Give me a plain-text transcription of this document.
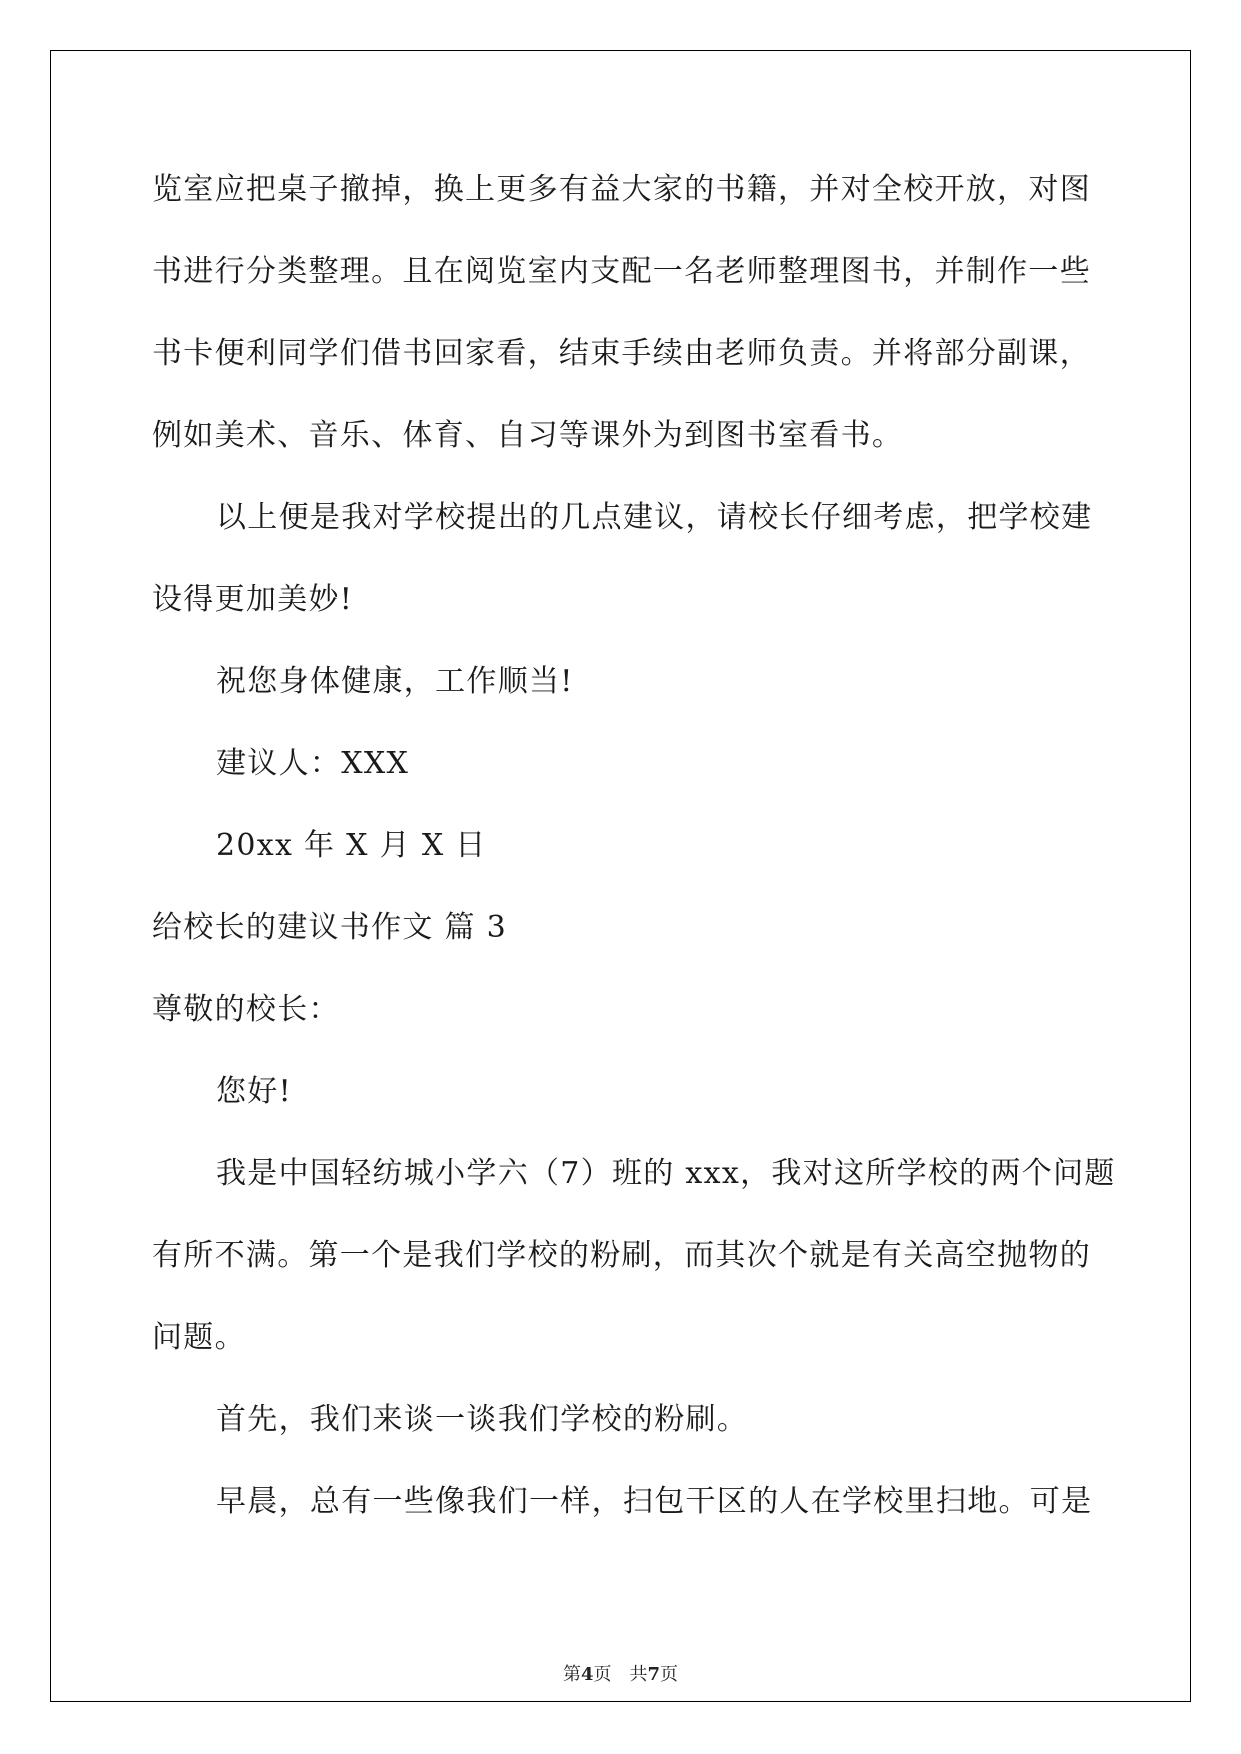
览室应把桌子撤掉，换上更多有益大家的书籍，并对全校开放，对图
书进行分类整理。且在阅览室内支配一名老师整理图书，并制作一些
书卡便利同学们借书回家看，结束手续由老师负责。并将部分副课，
例如美术、音乐、体育、自习等课外为到图书室看书。
以上便是我对学校提出的几点建议，请校长仔细考虑，把学校建
设得更加美妙!
祝您身体健康，工作顺当!
建议人：XXX
20xx 年 X 月 X 日
给校长的建议书作文 篇 3
尊敬的校长：
您好!
我是中国轻纺城小学六（7）班的 xxx，我对这所学校的两个问题
有所不满。第一个是我们学校的粉刷，而其次个就是有关高空抛物的
问题。
首先，我们来谈一谈我们学校的粉刷。
早晨，总有一些像我们一样，扫包干区的人在学校里扫地。可是
第4页 共7页
